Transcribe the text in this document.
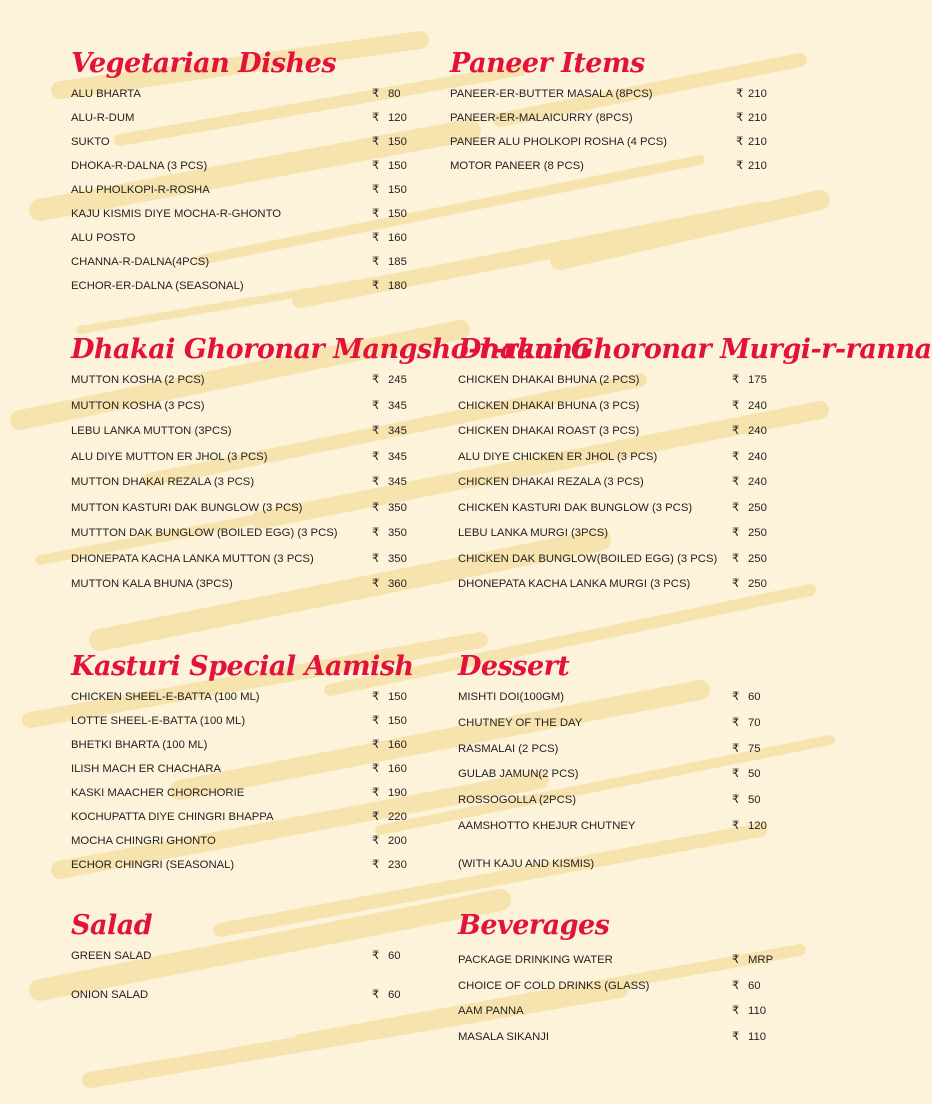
Vegetarian Dishes
ALU BHARTA	₹ 80
ALU-R-DUM	₹ 120
SUKTO	₹ 150
DHOKA-R-DALNA (3 PCS)	₹ 150
ALU PHOLKOPI-R-ROSHA	₹ 150
KAJU KISMIS DIYE MOCHA-R-GHONTO	₹ 150
ALU POSTO	₹ 160
CHANNA-R-DALNA(4PCS)	₹ 185
ECHOR-ER-DALNA (SEASONAL)	₹ 180
Paneer Items
PANEER-ER-BUTTER MASALA (8PCS)	₹ 210
PANEER-ER-MALAICURRY (8PCS)	₹ 210
PANEER ALU PHOLKOPI ROSHA (4 PCS)	₹ 210
MOTOR PANEER (8 PCS)	₹ 210
Dhakai Ghoronar Mangsho-r-ranna
MUTTON KOSHA (2 PCS)	₹ 245
MUTTON KOSHA (3 PCS)	₹ 345
LEBU LANKA MUTTON (3PCS)	₹ 345
ALU DIYE MUTTON ER JHOL (3 PCS)	₹ 345
MUTTON DHAKAI REZALA (3 PCS)	₹ 345
MUTTON KASTURI DAK BUNGLOW (3 PCS)	₹ 350
MUTTTON DAK BUNGLOW (BOILED EGG) (3 PCS)	₹ 350
DHONEPATA KACHA LANKA MUTTON (3 PCS)	₹ 350
MUTTON KALA BHUNA (3PCS)	₹ 360
Dhakai Ghoronar Murgi-r-ranna
CHICKEN DHAKAI BHUNA (2 PCS)	₹ 175
CHICKEN DHAKAI BHUNA (3 PCS)	₹ 240
CHICKEN DHAKAI ROAST (3 PCS)	₹ 240
ALU DIYE CHICKEN ER JHOL (3 PCS)	₹ 240
CHICKEN DHAKAI REZALA (3 PCS)	₹ 240
CHICKEN KASTURI DAK BUNGLOW (3 PCS)	₹ 250
LEBU LANKA MURGI (3PCS)	₹ 250
CHICKEN DAK BUNGLOW(BOILED EGG) (3 PCS) ₹ 250
DHONEPATA KACHA LANKA MURGI (3 PCS)	₹ 250
Kasturi Special Aamish
CHICKEN SHEEL-E-BATTA (100 ML)	₹ 150
LOTTE SHEEL-E-BATTA (100 ML)	₹ 150
BHETKI BHARTA (100 ML)	₹ 160
ILISH MACH ER CHACHARA	₹ 160
KASKI MAACHER CHORCHORIE	₹ 190
KOCHUPATTA DIYE CHINGRI BHAPPA	₹ 220
MOCHA CHINGRI GHONTO	₹ 200
ECHOR CHINGRI (SEASONAL)	₹ 230
Dessert
MISHTI DOI(100GM)	₹ 60
CHUTNEY OF THE DAY	₹ 70
RASMALAI (2 PCS)	₹ 75
GULAB JAMUN(2 PCS)	₹ 50
ROSSOGOLLA (2PCS)	₹ 50
AAMSHOTTO KHEJUR CHUTNEY	₹ 120
(WITH KAJU AND KISMIS)
Salad
GREEN SALAD	₹ 60
ONION SALAD	₹ 60
Beverages
PACKAGE DRINKING WATER	₹ MRP
CHOICE OF COLD DRINKS (GLASS)	₹ 60
AAM PANNA	₹ 110
MASALA SIKANJI	₹ 110
